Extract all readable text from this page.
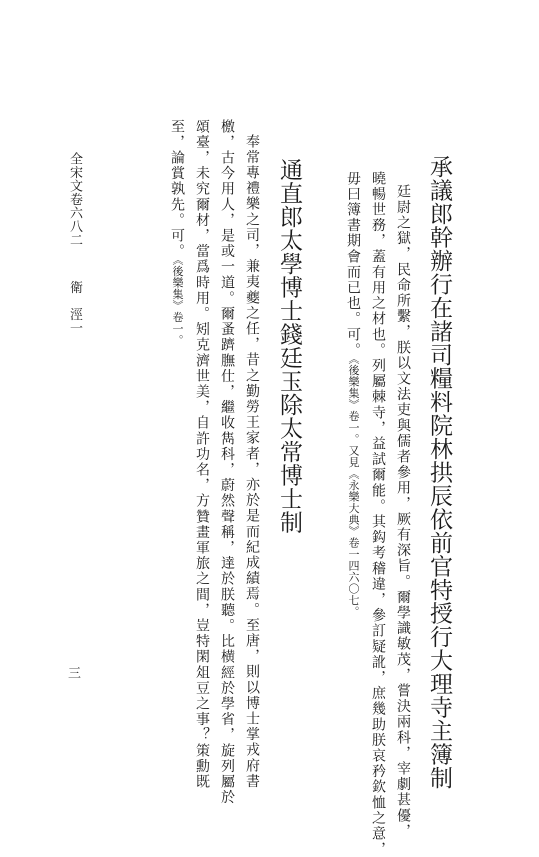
承議郎幹辦行在諸司糧料院林拱辰依前官特授行大理寺主簿制
廷尉之獄，民命所繫，朕以文法吏與儒者參用，厥有深旨。爾學識敏茂，嘗決兩科，宰劇甚優，
曉暢世務，蓋有用之材也。列屬棘寺，益試爾能。其鈎考稽違，參訂疑訛，庶幾助朕哀矜欽恤之意，
毋曰簿書期會而已也。可。《後樂集》卷一。又見《永樂大典》卷一四六〇七。
通直郎太學博士錢廷玉除太常博士制
奉常專禮樂之司，兼夷夔之任，昔之勤勞王家者，亦於是而紀成績焉。至唐，則以博士掌戎府書
檄，古今用人，是或一道。爾蚤躋膴仕，繼收雋科，蔚然聲稱，達於朕聽。比横經於學省，旋列屬於
頌臺，未究爾材，當爲時用。矧克濟世美，自許功名，方贊畫軍旅之間，豈特閑俎豆之事？策勳既
至，論賞孰先。可。《後樂集》卷一。
全宋文卷六八二衛　涇一
三
